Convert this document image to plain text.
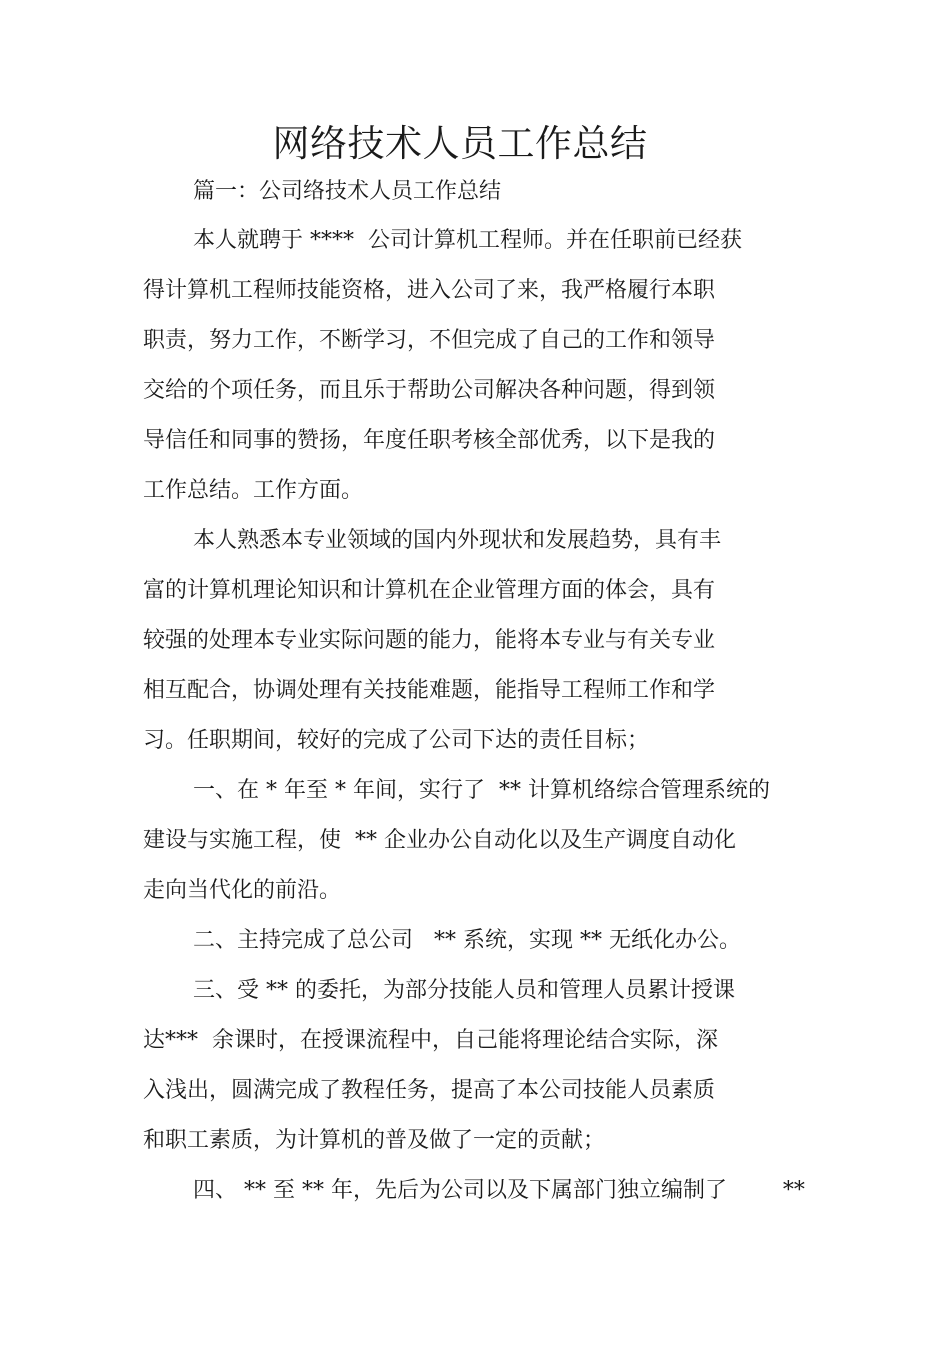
网络技术人员工作总结
篇一：公司络技术人员工作总结
本人就聘于 ****  公司计算机工程师。并在任职前已经获
得计算机工程师技能资格，进入公司了来，我严格履行本职
职责，努力工作，不断学习，不但完成了自己的工作和领导
交给的个项任务，而且乐于帮助公司解决各种问题，得到领
导信任和同事的赞扬，年度任职考核全部优秀，以下是我的
工作总结。工作方面。
本人熟悉本专业领域的国内外现状和发展趋势，具有丰
富的计算机理论知识和计算机在企业管理方面的体会，具有
较强的处理本专业实际问题的能力，能将本专业与有关专业
相互配合，协调处理有关技能难题，能指导工程师工作和学
习。任职期间，较好的完成了公司下达的责任目标；
一、在 * 年至 * 年间，实行了  ** 计算机络综合管理系统的
建设与实施工程，使  ** 企业办公自动化以及生产调度自动化
走向当代化的前沿。
二、主持完成了总公司   ** 系统，实现 ** 无纸化办公。
三、受 ** 的委托，为部分技能人员和管理人员累计授课
达***  余课时，在授课流程中，自己能将理论结合实际，深
入浅出，圆满完成了教程任务，提高了本公司技能人员素质
和职工素质，为计算机的普及做了一定的贡献；
四、 ** 至 ** 年，先后为公司以及下属部门独立编制了        **
